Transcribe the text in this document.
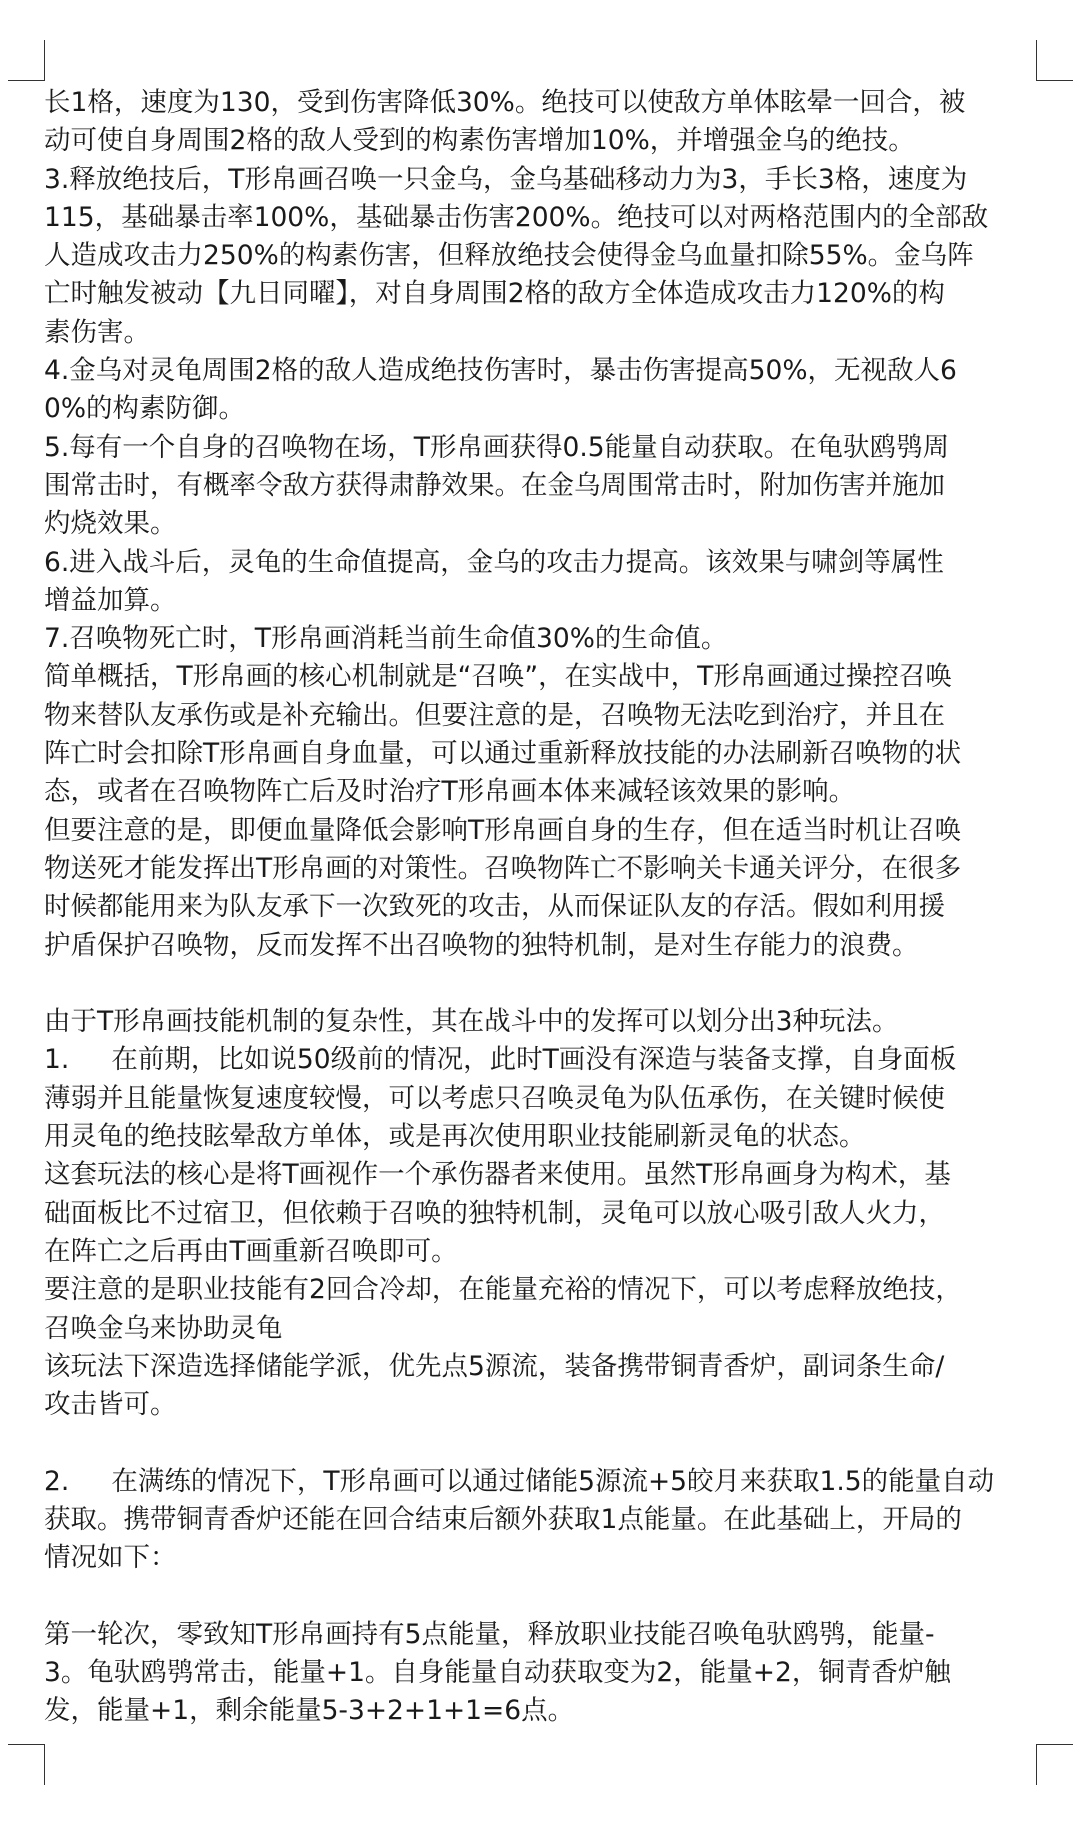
长1格，速度为130，受到伤害降低30%。绝技可以使敌方单体眩晕一回合，被

动可使自身周围2格的敌人受到的构素伤害增加10%，并增强金乌的绝技。

3.释放绝技后，T形帛画召唤一只金乌，金乌基础移动力为3，手长3格，速度为

115，基础暴击率100%，基础暴击伤害200%。绝技可以对两格范围内的全部敌

人造成攻击力250%的构素伤害，但释放绝技会使得金乌血量扣除55%。金乌阵

亡时触发被动【九日同曜】，对自身周围2格的敌方全体造成攻击力120%的构

素伤害。

4.金乌对灵龟周围2格的敌人造成绝技伤害时，暴击伤害提高50%，无视敌人6

0%的构素防御。

5.每有一个自身的召唤物在场，T形帛画获得0.5能量自动获取。在龟驮鸥鸮周

围常击时，有概率令敌方获得肃静效果。在金乌周围常击时，附加伤害并施加

灼烧效果。

6.进入战斗后，灵龟的生命值提高，金乌的攻击力提高。该效果与啸剑等属性

增益加算。

7.召唤物死亡时，T形帛画消耗当前生命值30%的生命值。

简单概括，T形帛画的核心机制就是“召唤”，在实战中，T形帛画通过操控召唤

物来替队友承伤或是补充输出。但要注意的是，召唤物无法吃到治疗，并且在

阵亡时会扣除T形帛画自身血量，可以通过重新释放技能的办法刷新召唤物的状

态，或者在召唤物阵亡后及时治疗T形帛画本体来减轻该效果的影响。

但要注意的是，即便血量降低会影响T形帛画自身的生存，但在适当时机让召唤

物送死才能发挥出T形帛画的对策性。召唤物阵亡不影响关卡通关评分，在很多

时候都能用来为队友承下一次致死的攻击，从而保证队友的存活。假如利用援

护盾保护召唤物，反而发挥不出召唤物的独特机制，是对生存能力的浪费。

由于T形帛画技能机制的复杂性，其在战斗中的发挥可以划分出3种玩法。

1.     在前期，比如说50级前的情况，此时T画没有深造与装备支撑，自身面板

薄弱并且能量恢复速度较慢，可以考虑只召唤灵龟为队伍承伤，在关键时候使

用灵龟的绝技眩晕敌方单体，或是再次使用职业技能刷新灵龟的状态。

这套玩法的核心是将T画视作一个承伤器者来使用。虽然T形帛画身为构术，基

础面板比不过宿卫，但依赖于召唤的独特机制，灵龟可以放心吸引敌人火力，

在阵亡之后再由T画重新召唤即可。

要注意的是职业技能有2回合冷却，在能量充裕的情况下，可以考虑释放绝技，

召唤金乌来协助灵龟

该玩法下深造选择储能学派，优先点5源流，装备携带铜青香炉，副词条生命/

攻击皆可。

2.     在满练的情况下，T形帛画可以通过储能5源流+5皎月来获取1.5的能量自动

获取。携带铜青香炉还能在回合结束后额外获取1点能量。在此基础上，开局的

情况如下：

第一轮次，零致知T形帛画持有5点能量，释放职业技能召唤龟驮鸥鸮，能量-

3。龟驮鸥鸮常击，能量+1。自身能量自动获取变为2，能量+2，铜青香炉触

发，能量+1，剩余能量5-3+2+1+1=6点。
